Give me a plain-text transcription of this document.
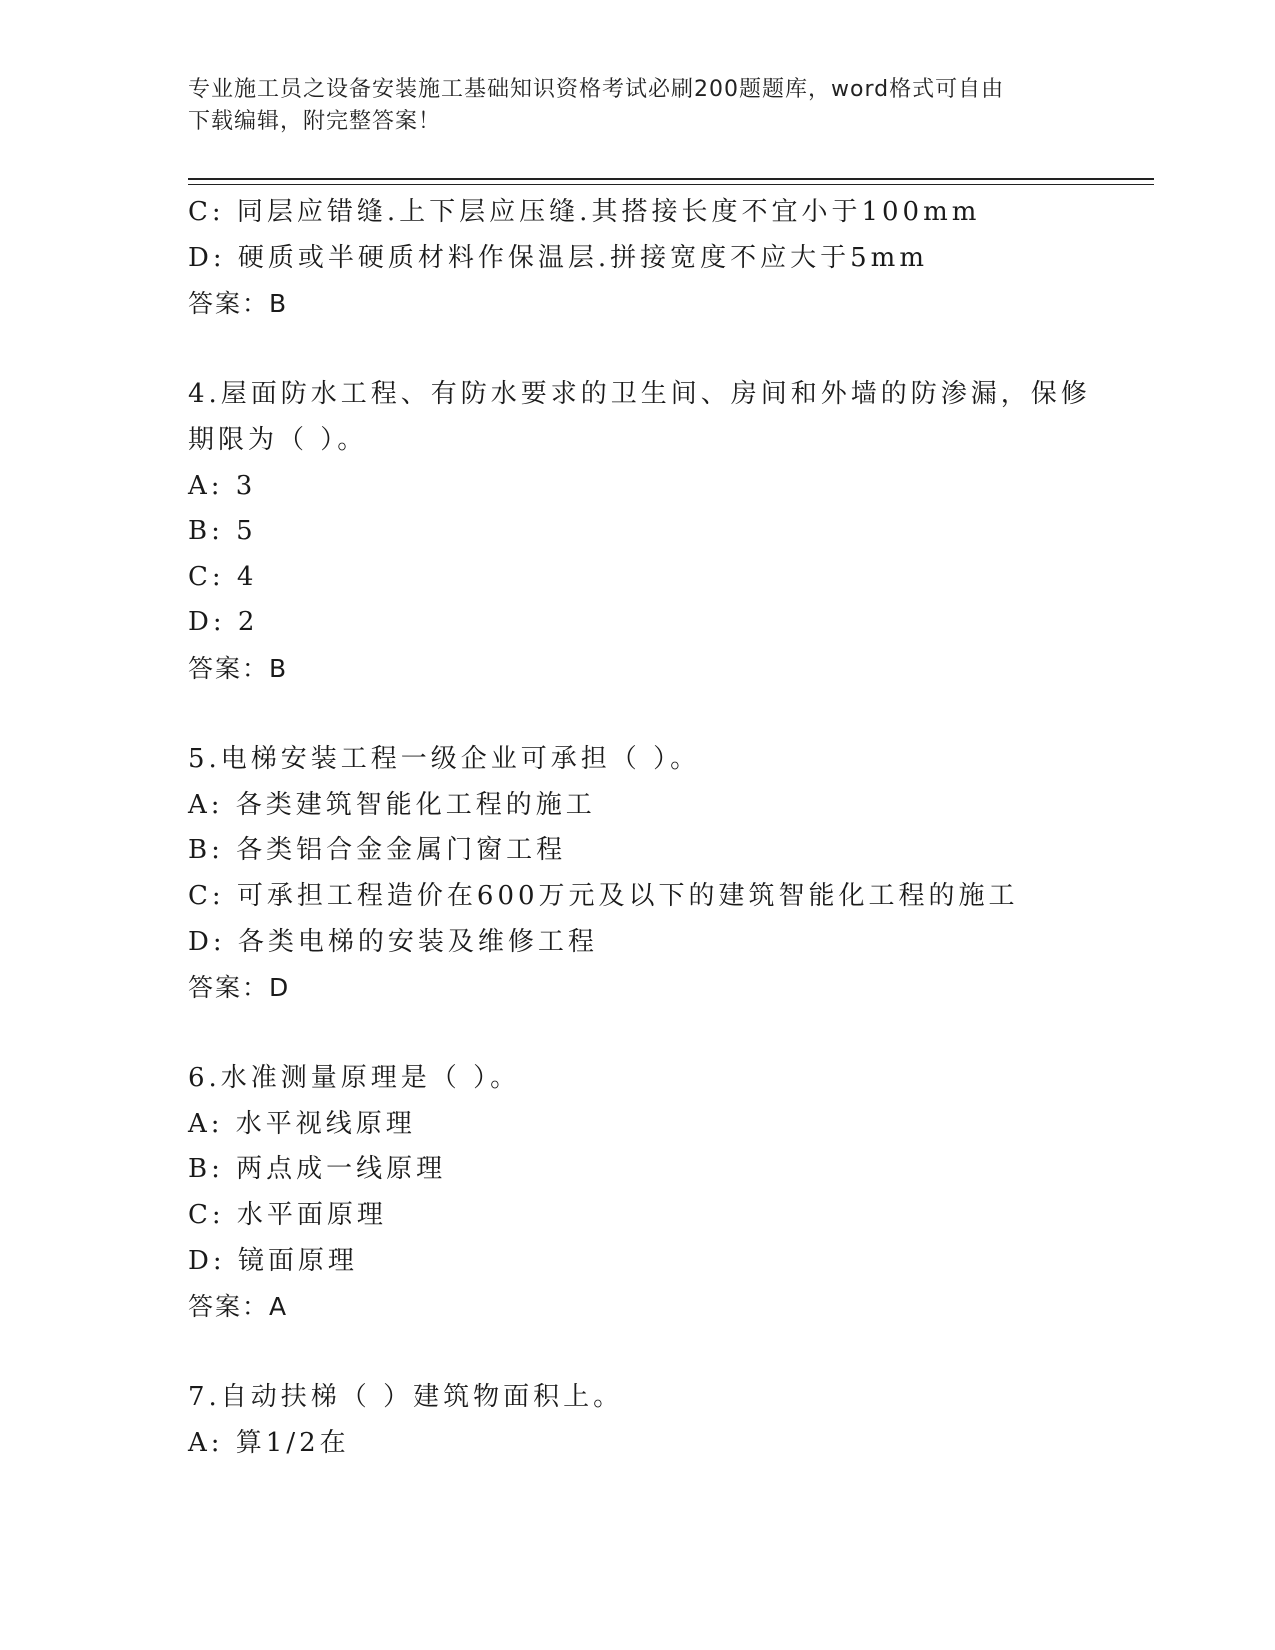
专业施工员之设备安装施工基础知识资格考试必刷200题题库，word格式可自由
下载编辑，附完整答案！
C: 同层应错缝.上下层应压缝.其搭接长度不宜小于100mm
D: 硬质或半硬质材料作保温层.拼接宽度不应大于5mm
答案：B
4.屋面防水工程、有防水要求的卫生间、房间和外墙的防渗漏，保修
期限为（ ）。
A: 3
B: 5
C: 4
D: 2
答案：B
5.电梯安装工程一级企业可承担（ ）。
A: 各类建筑智能化工程的施工
B: 各类铝合金金属门窗工程
C: 可承担工程造价在600万元及以下的建筑智能化工程的施工
D: 各类电梯的安装及维修工程
答案：D
6.水准测量原理是（ ）。
A: 水平视线原理
B: 两点成一线原理
C: 水平面原理
D: 镜面原理
答案：A
7.自动扶梯（ ）建筑物面积上。
A: 算1/2在
